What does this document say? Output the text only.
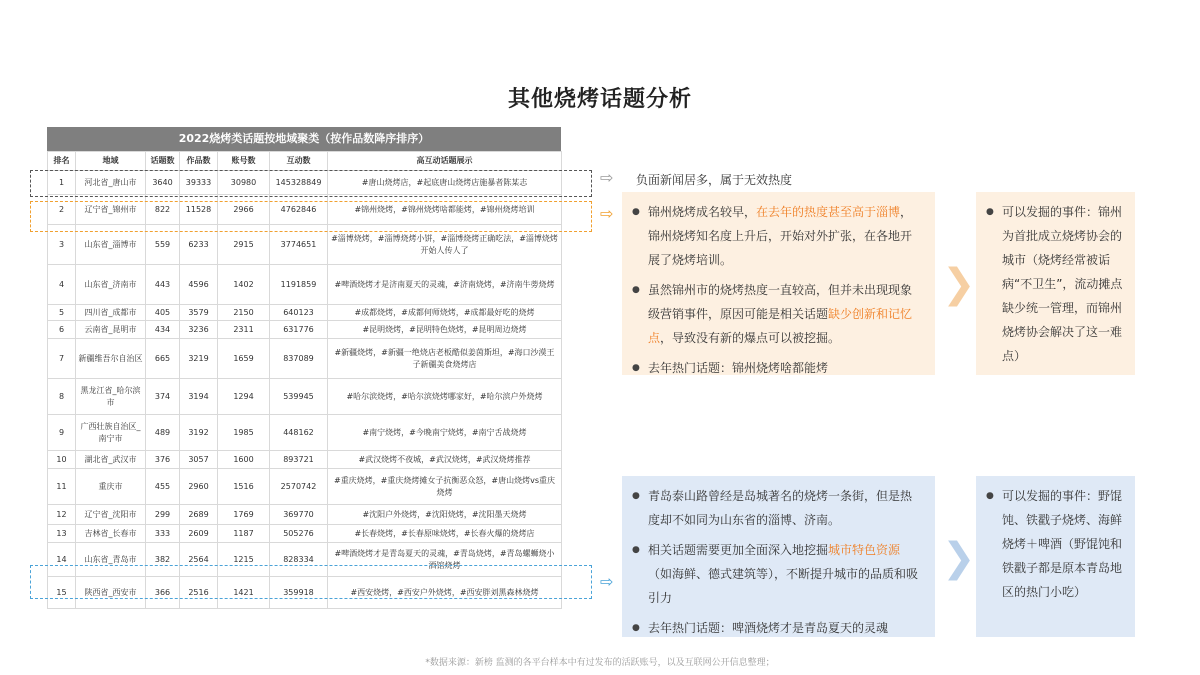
其他烧烤话题分析
2022烧烤类话题按地域聚类（按作品数降序排序）
排名	地域	话题数	作品数	账号数	互动数	高互动话题展示
1	河北省_唐山市	3640	39333	30980	145328849	#唐山烧烤店，#起底唐山烧烤店施暴者陈某志
2	辽宁省_锦州市	822	11528	2966	4762846	#锦州烧烤，#锦州烧烤啥都能烤，#锦州烧烤培训
3	山东省_淄博市	559	6233	2915	3774651	#淄博烧烤，#淄博烧烤小饼，#淄博烧烤正确吃法，#淄博烧烤开始人传人了
4	山东省_济南市	443	4596	1402	1191859	#啤酒烧烤才是济南夏天的灵魂，#济南烧烤，#济南牛蒡烧烤
5	四川省_成都市	405	3579	2150	640123	#成都烧烤，#成都何师烧烤，#成都最好吃的烧烤
6	云南省_昆明市	434	3236	2311	631776	#昆明烧烤，#昆明特色烧烤，#昆明周边烧烤
7	新疆维吾尔自治区	665	3219	1659	837089	#新疆烧烤，#新疆一绝烧店老板酷似姜茵斯坦，#海口沙漠王子新疆美食烧烤店
8	黑龙江省_哈尔滨市	374	3194	1294	539945	#哈尔滨烧烤，#哈尔滨烧烤哪家好，#哈尔滨户外烧烤
9	广西壮族自治区_南宁市	489	3192	1985	448162	#南宁烧烤，#今晚南宁烧烤，#南宁舌战烧烤
10	湖北省_武汉市	376	3057	1600	893721	#武汉烧烤不夜城，#武汉烧烤，#武汉烧烤推荐
11	重庆市	455	2960	1516	2570742	#重庆烧烤，#重庆烧烤摊女子抗衡恶众怒，#唐山烧烤vs重庆烧烤
12	辽宁省_沈阳市	299	2689	1769	369770	#沈阳户外烧烤，#沈阳烧烤，#沈阳墨天烧烤
13	吉林省_长春市	333	2609	1187	505276	#长春烧烤，#长春原味烧烤，#长春火爆的烧烤店
14	山东省_青岛市	382	2564	1215	828334	#啤酒烧烤才是青岛夏天的灵魂，#青岛烧烤，#青岛螺蛳烧小酒馆烧烤
15	陕西省_西安市	366	2516	1421	359918	#西安烧烤，#西安户外烧烤，#西安胖刘黑森林烧烤
⇨
⇨
⇨
负面新闻居多，属于无效热度
● 锦州烧烤成名较早，在去年的热度甚至高于淄博，锦州烧烤知名度上升后，开始对外扩张，在各地开展了烧烤培训。
● 虽然锦州市的烧烤热度一直较高，但并未出现现象级营销事件，原因可能是相关话题缺少创新和记忆点，导致没有新的爆点可以被挖掘。
● 去年热门话题：锦州烧烤啥都能烤
❯
● 可以发掘的事件：锦州为首批成立烧烤协会的城市（烧烤经常被诟病“不卫生”，流动摊点缺少统一管理，而锦州烧烤协会解决了这一难点）
● 青岛泰山路曾经是岛城著名的烧烤一条街，但是热度却不如同为山东省的淄博、济南。
● 相关话题需要更加全面深入地挖掘城市特色资源（如海鲜、德式建筑等），不断提升城市的品质和吸引力
● 去年热门话题：啤酒烧烤才是青岛夏天的灵魂
❯
● 可以发掘的事件：野馄饨、铁戳子烧烤、海鲜烧烤＋啤酒（野馄饨和铁戳子都是原本青岛地区的热门小吃）
*数据来源：新榜 监测的各平台样本中有过发布的活跃账号，以及互联网公开信息整理；
